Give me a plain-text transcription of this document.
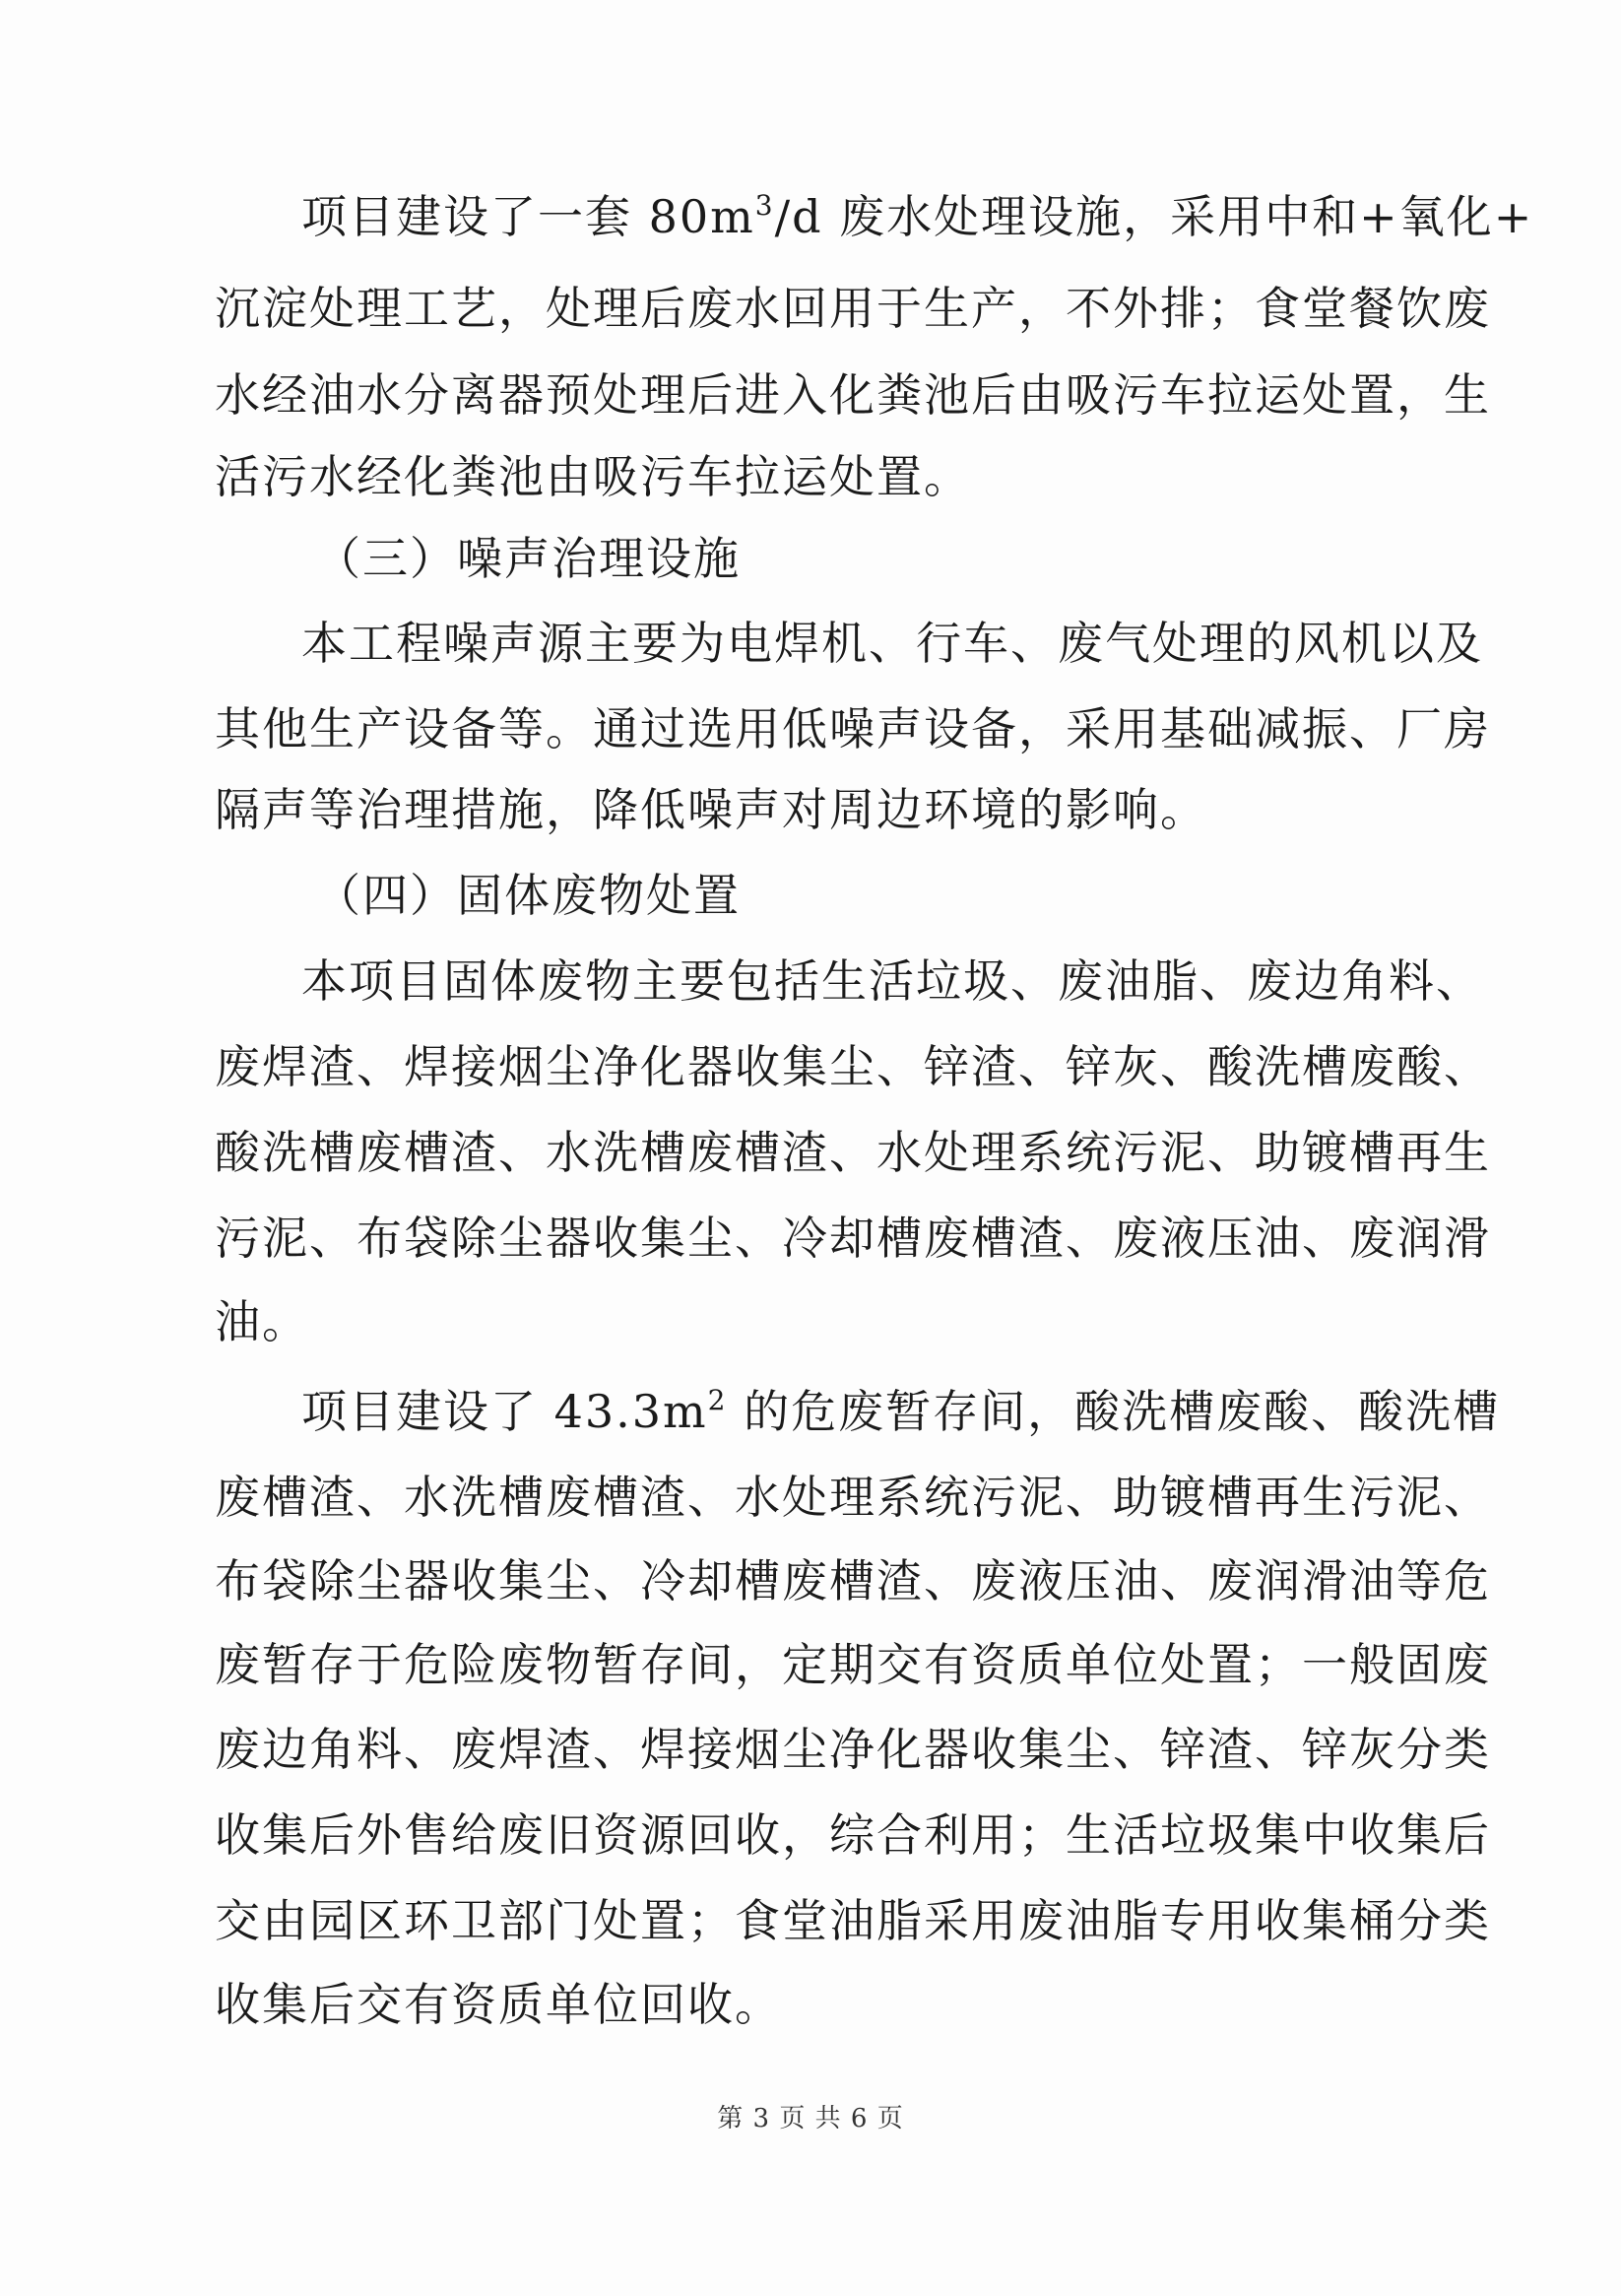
项目建设了一套 $80m^3/d$ 废水处理设施，采用中和+氧化+
沉淀处理工艺，处理后废水回用于生产，不外排；食堂餐饮废
水经油水分离器预处理后进入化粪池后由吸污车拉运处置，生
活污水经化粪池由吸污车拉运处置。
（三）噪声治理设施
本工程噪声源主要为电焊机、行车、废气处理的风机以及
其他生产设备等。通过选用低噪声设备，采用基础减振、厂房
隔声等治理措施，降低噪声对周边环境的影响。
（四）固体废物处置
本项目固体废物主要包括生活垃圾、废油脂、废边角料、
废焊渣、焊接烟尘净化器收集尘、锌渣、锌灰、酸洗槽废酸、
酸洗槽废槽渣、水洗槽废槽渣、水处理系统污泥、助镀槽再生
污泥、布袋除尘器收集尘、冷却槽废槽渣、废液压油、废润滑
油。
项目建设了 $43.3m^2$ 的危废暂存间，酸洗槽废酸、酸洗槽
废槽渣、水洗槽废槽渣、水处理系统污泥、助镀槽再生污泥、
布袋除尘器收集尘、冷却槽废槽渣、废液压油、废润滑油等危
废暂存于危险废物暂存间，定期交有资质单位处置；一般固废
废边角料、废焊渣、焊接烟尘净化器收集尘、锌渣、锌灰分类
收集后外售给废旧资源回收，综合利用；生活垃圾集中收集后
交由园区环卫部门处置；食堂油脂采用废油脂专用收集桶分类
收集后交有资质单位回收。
第 3 页 共 6 页
